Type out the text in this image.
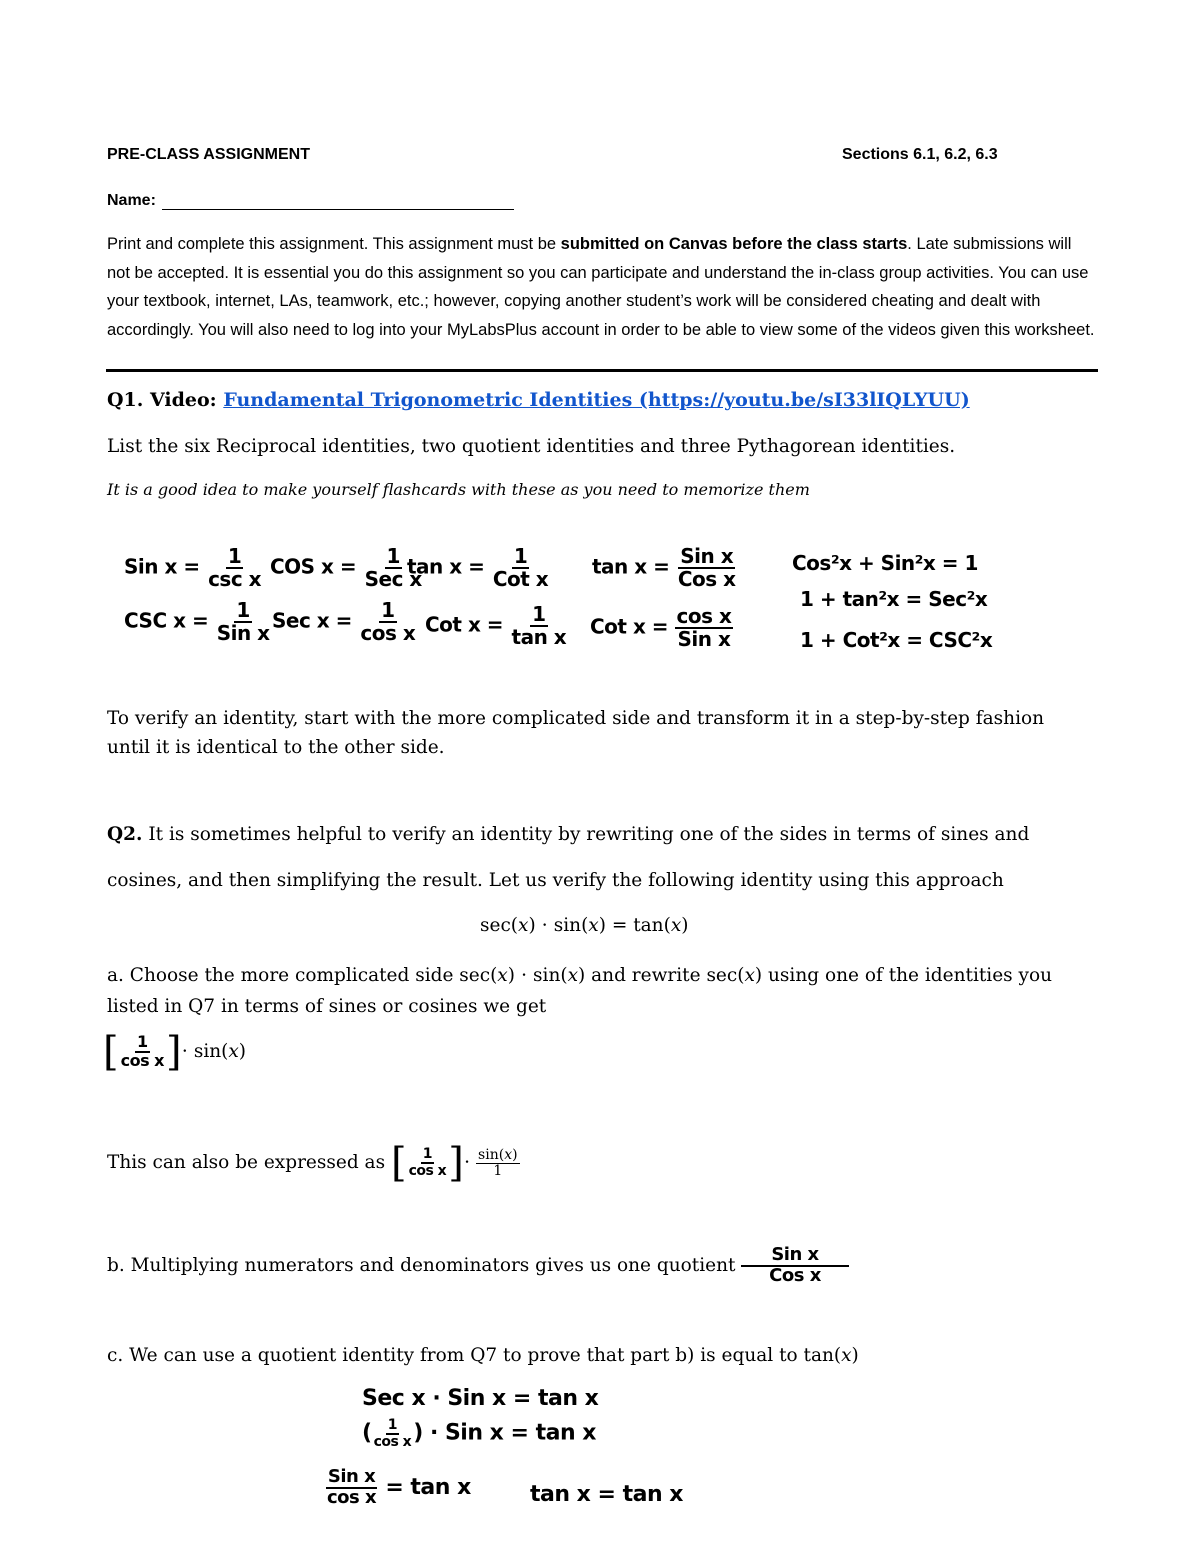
PRE-CLASS ASSIGNMENT	Sections 6.1, 6.2, 6.3
Name:
Print and complete this assignment. This assignment must be submitted on Canvas before the class starts. Late submissions will not be accepted. It is essential you do this assignment so you can participate and understand the in-class group activities. You can use your textbook, internet, LAs, teamwork, etc.; however, copying another student’s work will be considered cheating and dealt with accordingly. You will also need to log into your MyLabsPlus account in order to be able to view some of the videos given this worksheet.
Q1. Video: Fundamental Trigonometric Identities (https://youtu.be/sI33lIQLYUU)
List the six Reciprocal identities, two quotient identities and three Pythagorean identities.
It is a good idea to make yourself flashcards with these as you need to memorize them
Sin $x = \frac{1}{\text{csc x}}$
CSC $x = \frac{1}{\text{Sin x}}$
COS $x = \frac{1}{\text{Sec x}}$
Sec $x = \frac{1}{\text{cos x}}$
$\tan x = \frac{1}{\text{Cot x}}$
Cot $x = \frac{1}{\text{tan x}}$
$\tan x = \frac{\text{Sin x}}{\text{Cos x}}$
Cot $x = \frac{\text{cos x}}{\text{Sin x}}$
Cos²x + Sin²x = 1
1 + tan²x = Sec²x
1 + Cot²x = CSC²x
To verify an identity, start with the more complicated side and transform it in a step-by-step fashion until it is identical to the other side.
Q2. It is sometimes helpful to verify an identity by rewriting one of the sides in terms of sines and
cosines, and then simplifying the result. Let us verify the following identity using this approach
sec(𝑥) ⋅ sin(𝑥) = tan(𝑥)
a. Choose the more complicated side sec(𝑥) ⋅ sin(𝑥) and rewrite sec(𝑥) using one of the identities you listed in Q7 in terms of sines or cosines we get
[ $\frac{1}{\text{cos x}}$ ]⋅ sin(𝑥)
This can also be expressed as [ $\frac{1}{\text{cos x}}$ ]⋅ $\frac{\text{sin(𝑥)}}{1}$
b. Multiplying numerators and denominators gives us one quotient $\frac{\text{Sin x}}{\text{Cos x}}$
c. We can use a quotient identity from Q7 to prove that part b) is equal to tan(𝑥)
Sec x · Sin x = tan x
( $\frac{1}{\text{cos x}}$ ) · Sin x = tan x
$\frac{\text{Sin x}}{\text{cos x}} = \tan x$	tan x = tan x
